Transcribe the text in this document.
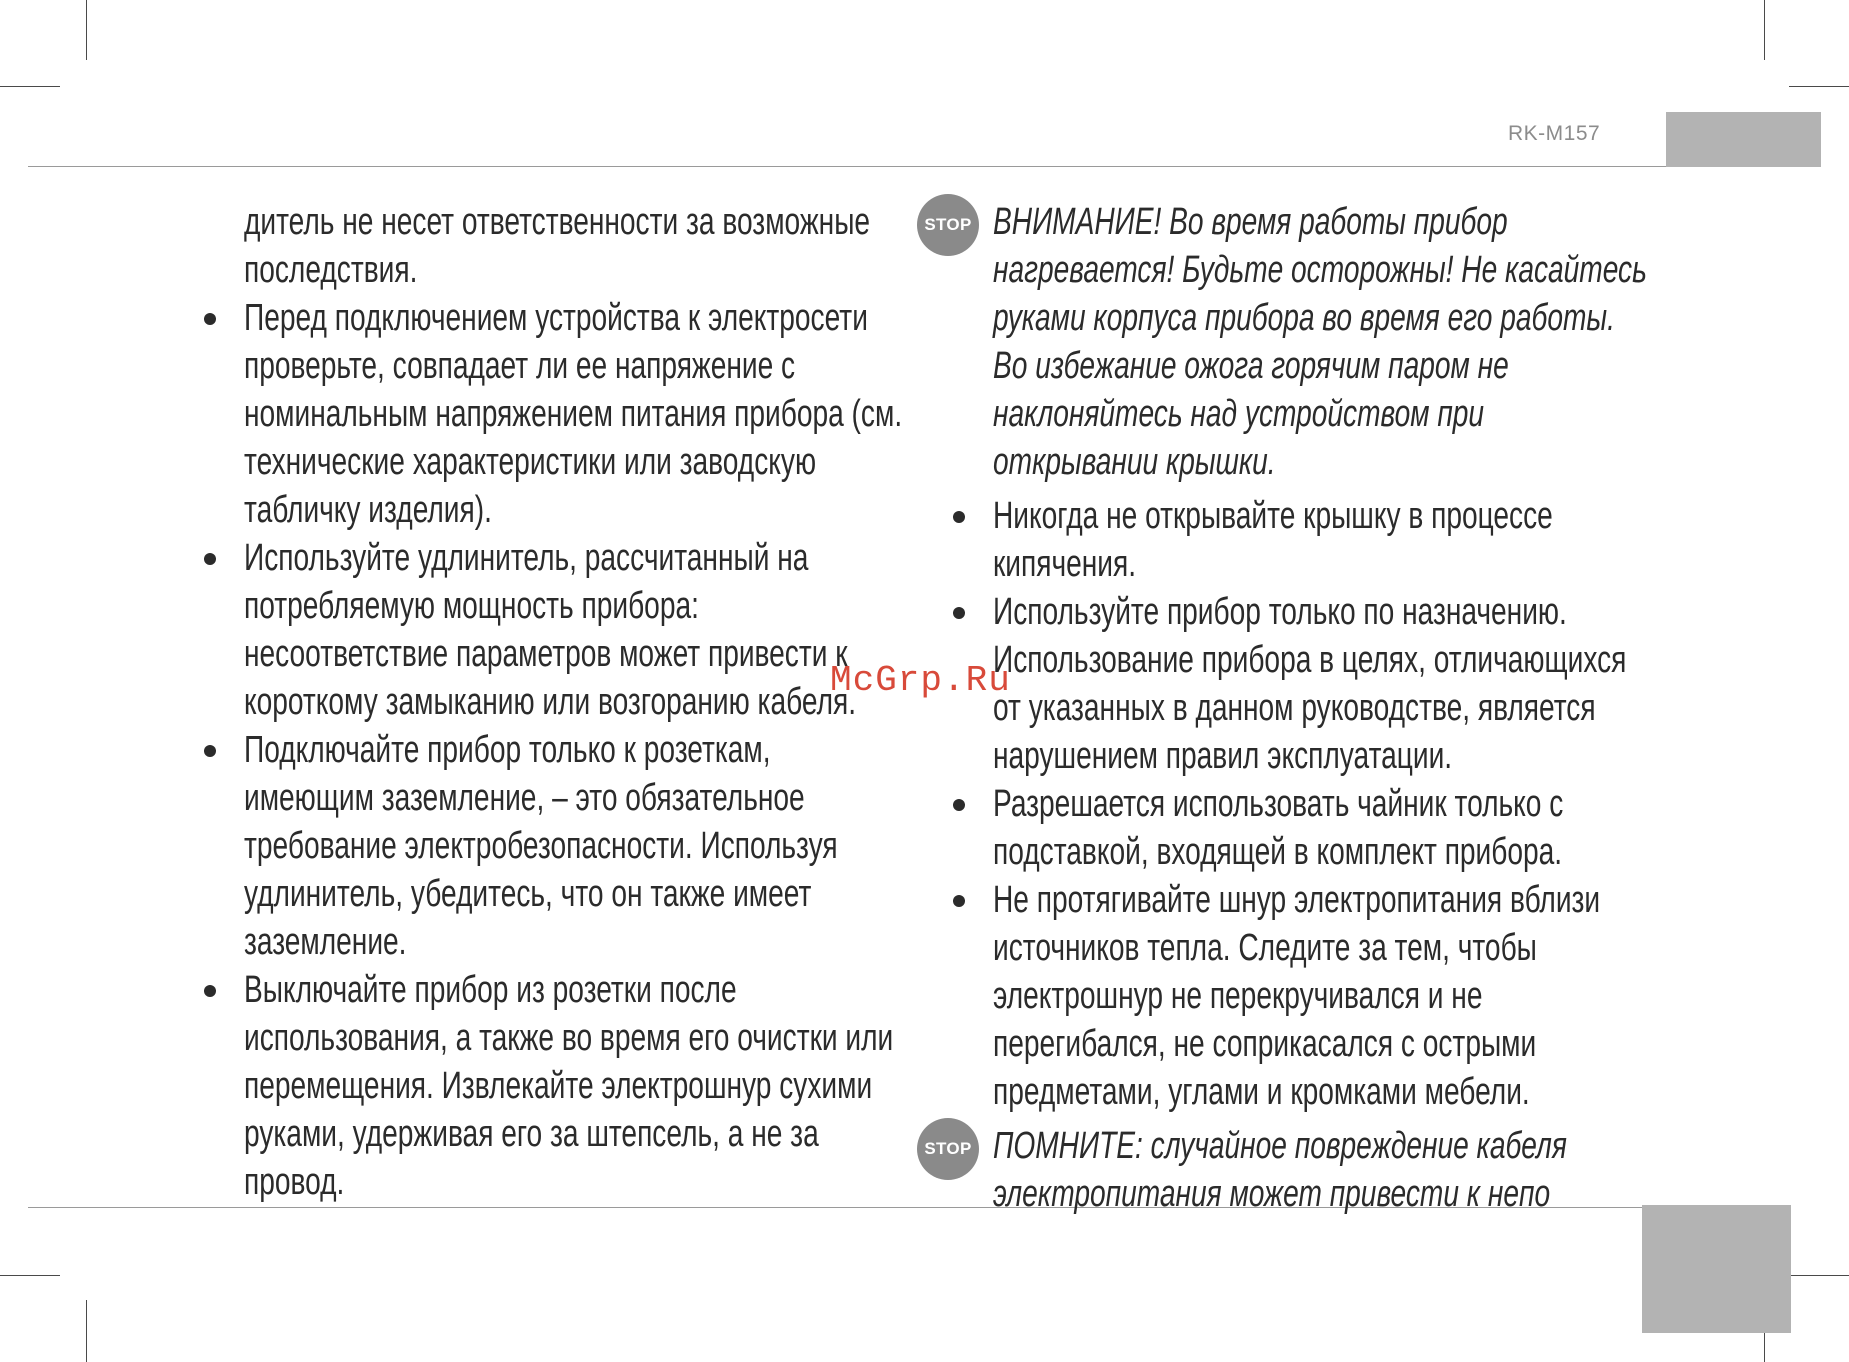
RK-M157

дитель не несет ответственности за возможные последствия.

Перед подключением устройства к электросети проверьте, совпадает ли ее напряжение с номинальным напряжением питания прибора (см. технические характеристики или заводскую табличку изделия).

Используйте удлинитель, рассчитанный на потребляемую мощность прибора: несоответствие параметров может привести к короткому замыканию или возгоранию кабеля.

Подключайте прибор только к розеткам, имеющим заземление, – это обязательное требование электробезопасности. Используя удлинитель, убедитесь, что он также имеет заземление.

Выключайте прибор из розетки после использования, а также во время его очистки или перемещения. Извлекайте электрошнур сухими руками, удерживая его за штепсель, а не за провод.

STOP ВНИМАНИЕ! Во время работы прибор нагревается! Будьте осторожны! Не касайтесь руками корпуса прибора во время его работы. Во избежание ожога горячим паром не наклоняйтесь над устройством при открывании крышки.

Никогда не открывайте крышку в процессе кипячения.

Используйте прибор только по назначению. Использование прибора в целях, отличающихся от указанных в данном руководстве, является нарушением правил эксплуатации.

Разрешается использовать чайник только с подставкой, входящей в комплект прибора.

Не протягивайте шнур электропитания вблизи источников тепла. Следите за тем, чтобы электрошнур не перекручивался и не перегибался, не соприкасался с острыми предметами, углами и кромками мебели.

STOP ПОМНИТЕ: случайное повреждение кабеля электропитания может привести к непо

McGrp.Ru
